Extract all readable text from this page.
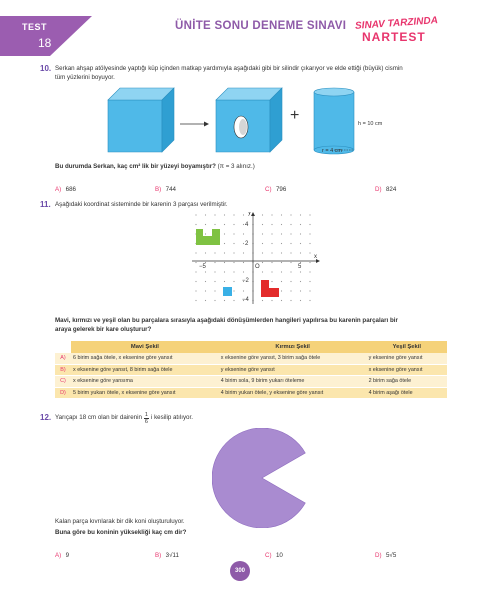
TEST
18
ÜNİTE SONU DENEME SINAVI SINAV TARZINDA
NARTEST
10. Serkan ahşap atölyesinde yaptığı küp içinden matkap yardımıyla aşağıdaki gibi bir silindir çıkarıyor ve elde ettiği (büyük) cismin
tüm yüzlerini boyuyor.
+	h = 10 cm
r = 4 cm
Bu durumda Serkan, kaç cm² lik bir yüzeyi boyamıştır? (π = 3 alınız.)
A) 686	B) 744	C) 796	D) 824
11. Aşağıdaki koordinat sisteminde bir karenin 3 parçası verilmiştir.
y
x
O
−5	5
4
2
−2
−4
Mavi, kırmızı ve yeşil olan bu parçalara sırasıyla aşağıdaki dönüşümlerden hangileri yapılırsa bu karenin parçaları bir
araya gelerek bir kare oluşturur?
	Mavi Şekil	Kırmızı Şekil	Yeşil Şekil
A)	6 birim sağa ötele, x eksenine göre yansıt	x eksenine göre yansıt, 3 birim sağa ötele	y eksenine göre yansıt
B)	x eksenine göre yansıt, 8 birim sağa ötele	y eksenine göre yansıt	x eksenine göre yansıt
C)	x eksenine göre yansıma	4 birim sola, 9 birim yukarı öteleme	2 birim sağa ötele
D)	5 birim yukarı ötele, x eksenine göre yansıt	4 birim yukarı ötele, y eksenine göre yansıt	4 birim aşağı ötele
12. Yarıçapı 18 cm olan bir dairenin 1
6
i kesilip atılıyor.
Kalan parça kıvrılarak bir dik koni oluşturuluyor.
Buna göre bu koninin yüksekliği kaç cm dir?
A) 9	B) 3√11	C) 10	D) 5√5
300
